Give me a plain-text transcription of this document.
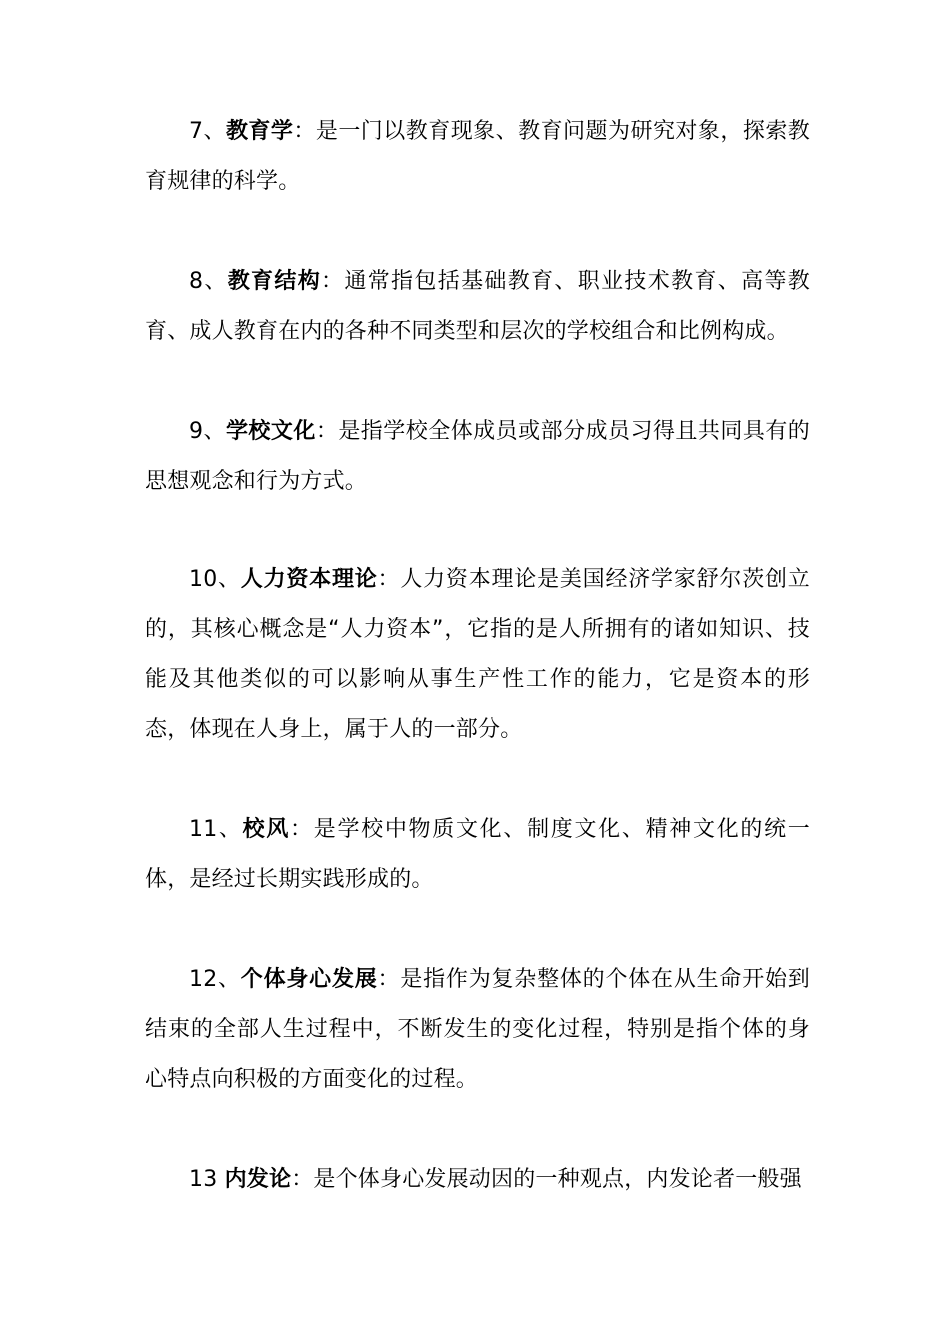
7、教育学：是一门以教育现象、教育问题为研究对象，探索教育规律的科学。

8、教育结构：通常指包括基础教育、职业技术教育、高等教育、成人教育在内的各种不同类型和层次的学校组合和比例构成。

9、学校文化：是指学校全体成员或部分成员习得且共同具有的思想观念和行为方式。

10、人力资本理论：人力资本理论是美国经济学家舒尔茨创立的，其核心概念是“人力资本”，它指的是人所拥有的诸如知识、技能及其他类似的可以影响从事生产性工作的能力，它是资本的形态，体现在人身上，属于人的一部分。

11、校风：是学校中物质文化、制度文化、精神文化的统一体，是经过长期实践形成的。

12、个体身心发展：是指作为复杂整体的个体在从生命开始到结束的全部人生过程中，不断发生的变化过程，特别是指个体的身心特点向积极的方面变化的过程。

13 内发论：是个体身心发展动因的一种观点，内发论者一般强
